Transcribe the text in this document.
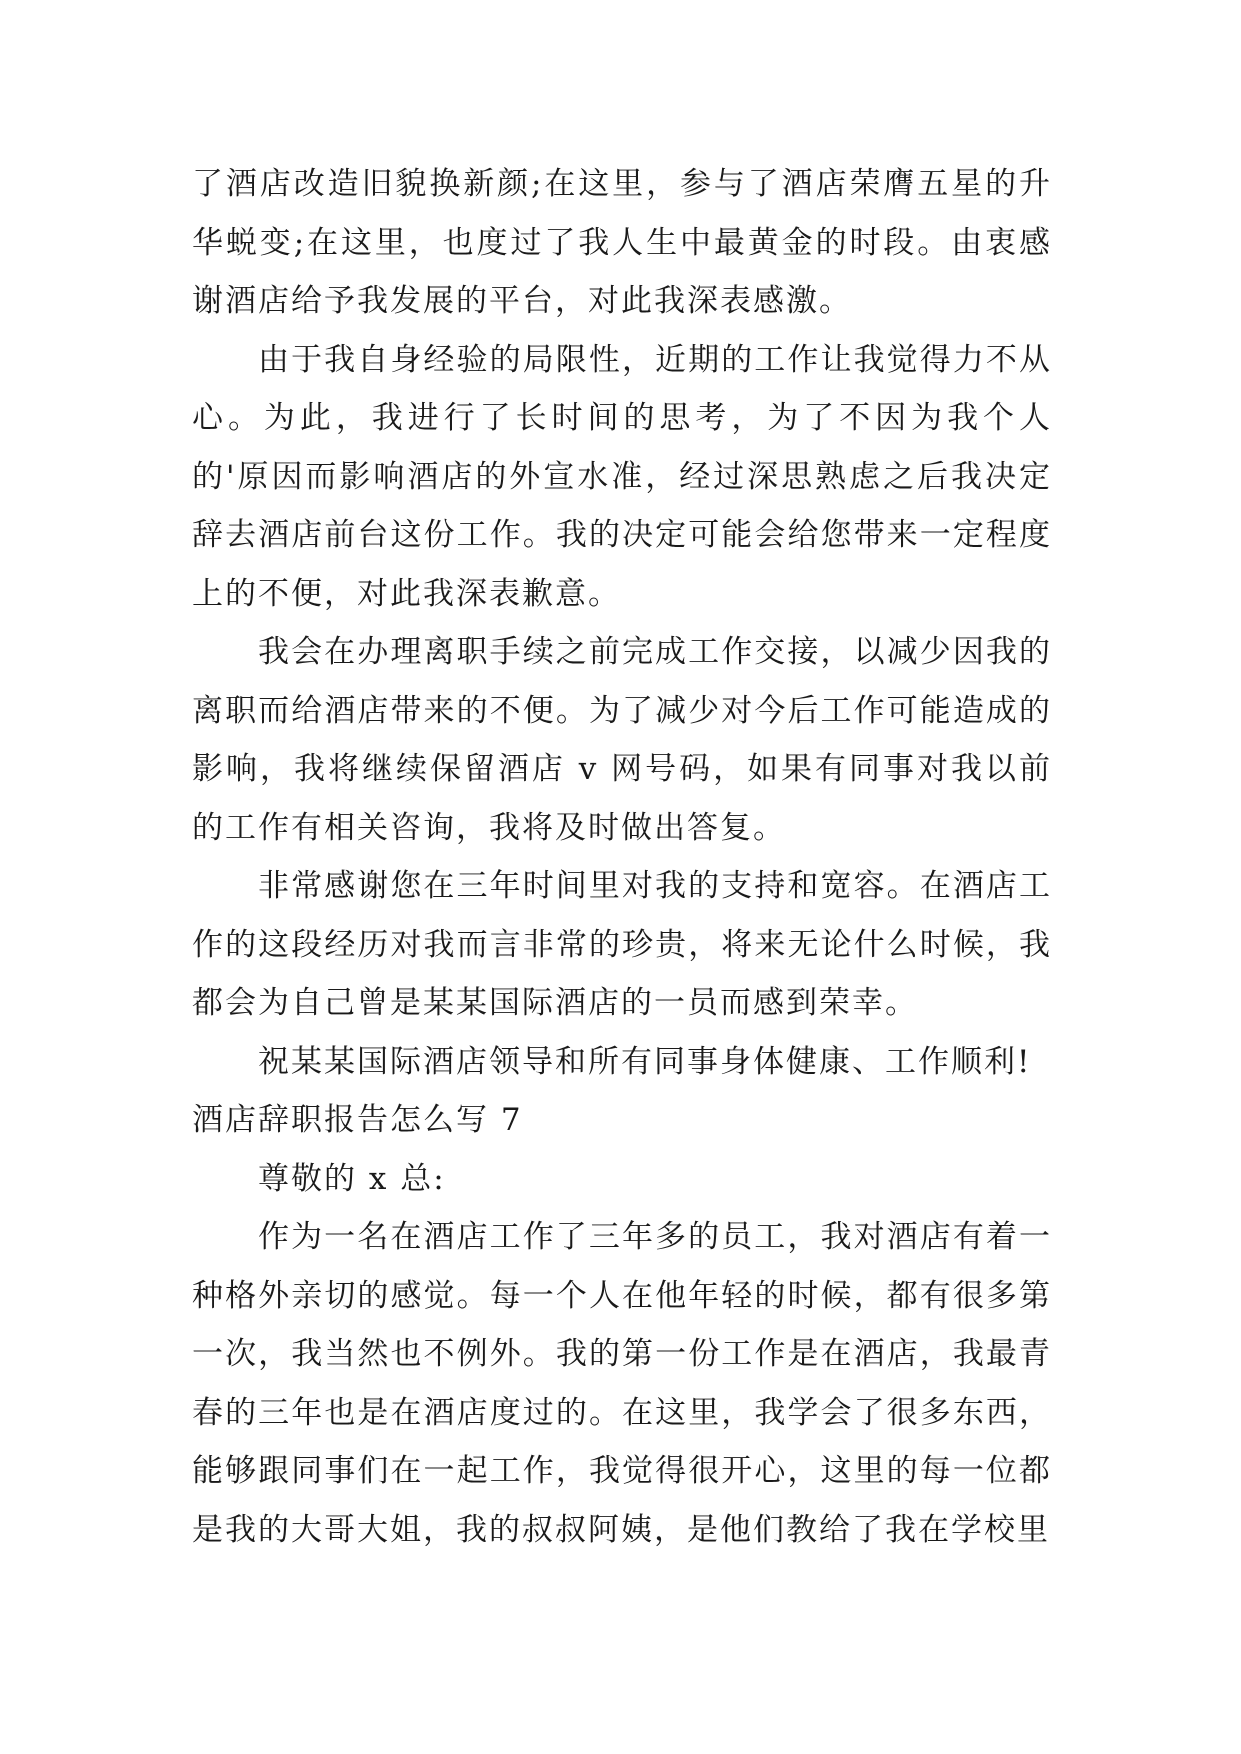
了酒店改造旧貌换新颜;在这里，参与了酒店荣膺五星的升华蜕变;在这里，也度过了我人生中最黄金的时段。由衷感谢酒店给予我发展的平台，对此我深表感激。

由于我自身经验的局限性，近期的工作让我觉得力不从心。为此，我进行了长时间的思考，为了不因为我个人的'原因而影响酒店的外宣水准，经过深思熟虑之后我决定辞去酒店前台这份工作。我的决定可能会给您带来一定程度上的不便，对此我深表歉意。

我会在办理离职手续之前完成工作交接，以减少因我的离职而给酒店带来的不便。为了减少对今后工作可能造成的影响，我将继续保留酒店 v 网号码，如果有同事对我以前的工作有相关咨询，我将及时做出答复。

非常感谢您在三年时间里对我的支持和宽容。在酒店工作的这段经历对我而言非常的珍贵，将来无论什么时候，我都会为自己曾是某某国际酒店的一员而感到荣幸。

祝某某国际酒店领导和所有同事身体健康、工作顺利!

酒店辞职报告怎么写 7

尊敬的 x 总:

作为一名在酒店工作了三年多的员工，我对酒店有着一种格外亲切的感觉。每一个人在他年轻的时候，都有很多第一次，我当然也不例外。我的第一份工作是在酒店，我最青春的三年也是在酒店度过的。在这里，我学会了很多东西，能够跟同事们在一起工作，我觉得很开心，这里的每一位都是我的大哥大姐，我的叔叔阿姨，是他们教给了我在学校里
